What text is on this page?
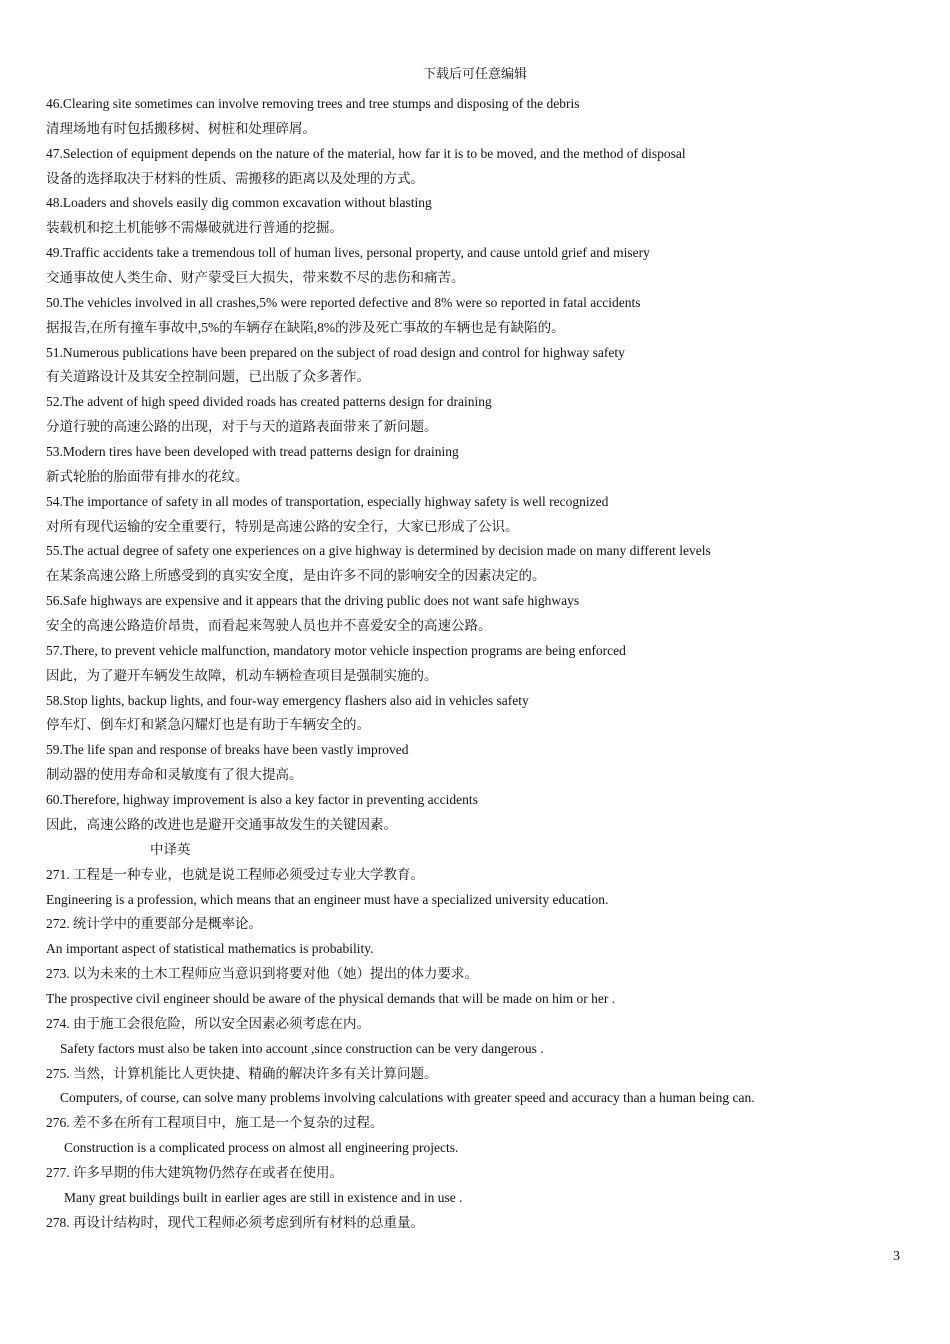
下载后可任意编辑
46.Clearing site sometimes can involve removing trees and tree stumps and disposing of the debris
清理场地有时包括搬移树、树桩和处理碎屑。
47.Selection of equipment depends on the nature of the material, how far it is to be moved, and the method of disposal
设备的选择取决于材料的性质、需搬移的距离以及处理的方式。
48.Loaders and shovels easily dig common excavation without blasting
装载机和挖土机能够不需爆破就进行普通的挖掘。
49.Traffic accidents take a tremendous toll of human lives, personal property, and cause untold grief and misery
交通事故使人类生命、财产蒙受巨大损失，带来数不尽的悲伤和痛苦。
50.The vehicles involved in all crashes,5% were reported defective and 8% were so reported in fatal accidents
据报告,在所有撞车事故中,5%的车辆存在缺陷,8%的涉及死亡事故的车辆也是有缺陷的。
51.Numerous publications have been prepared on the subject of road design and control for highway safety
有关道路设计及其安全控制问题，已出版了众多著作。
52.The advent of high speed divided roads has created patterns design for draining
分道行驶的高速公路的出现，对于与天的道路表面带来了新问题。
53.Modern tires have been developed with tread patterns design for draining
新式轮胎的胎面带有排水的花纹。
54.The importance of safety in all modes of transportation, especially highway safety is well recognized
对所有现代运输的安全重要行，特别是高速公路的安全行，大家已形成了公识。
55.The actual degree of safety one experiences on a give highway is determined by decision made on many different levels
在某条高速公路上所感受到的真实安全度，是由许多不同的影响安全的因素决定的。
56.Safe highways are expensive and it appears that the driving public does not want safe highways
安全的高速公路造价昂贵，而看起来驾驶人员也并不喜爱安全的高速公路。
57.There, to prevent vehicle malfunction, mandatory motor vehicle inspection programs are being enforced
因此，为了避开车辆发生故障，机动车辆检查项目是强制实施的。
58.Stop lights, backup lights, and four-way emergency flashers also aid in vehicles safety
停车灯、倒车灯和紧急闪耀灯也是有助于车辆安全的。
59.The life span and response of breaks have been vastly improved
制动器的使用寿命和灵敏度有了很大提高。
60.Therefore, highway improvement is also a key factor in preventing accidents
因此，高速公路的改进也是避开交通事故发生的关键因素。
中译英
271. 工程是一种专业，也就是说工程师必须受过专业大学教育。
Engineering is a profession, which means that an engineer must have a specialized university education.
272. 统计学中的重要部分是概率论。
An important aspect of statistical mathematics is probability.
273. 以为未来的土木工程师应当意识到将要对他（她）提出的体力要求。
The prospective civil engineer should be aware of the physical demands that will be made on him or her .
274. 由于施工会很危险，所以安全因素必须考虑在内。
Safety factors must also be taken into account ,since construction can be very dangerous .
275. 当然，计算机能比人更快捷、精确的解决许多有关计算问题。
Computers, of course, can solve many problems involving calculations with greater speed and accuracy than a human being can.
276. 差不多在所有工程项目中，施工是一个复杂的过程。
Construction is a complicated process on almost all engineering projects.
277. 许多早期的伟大建筑物仍然存在或者在使用。
Many great buildings built in earlier ages are still in existence and in use .
278. 再设计结构时，现代工程师必须考虑到所有材料的总重量。
3
